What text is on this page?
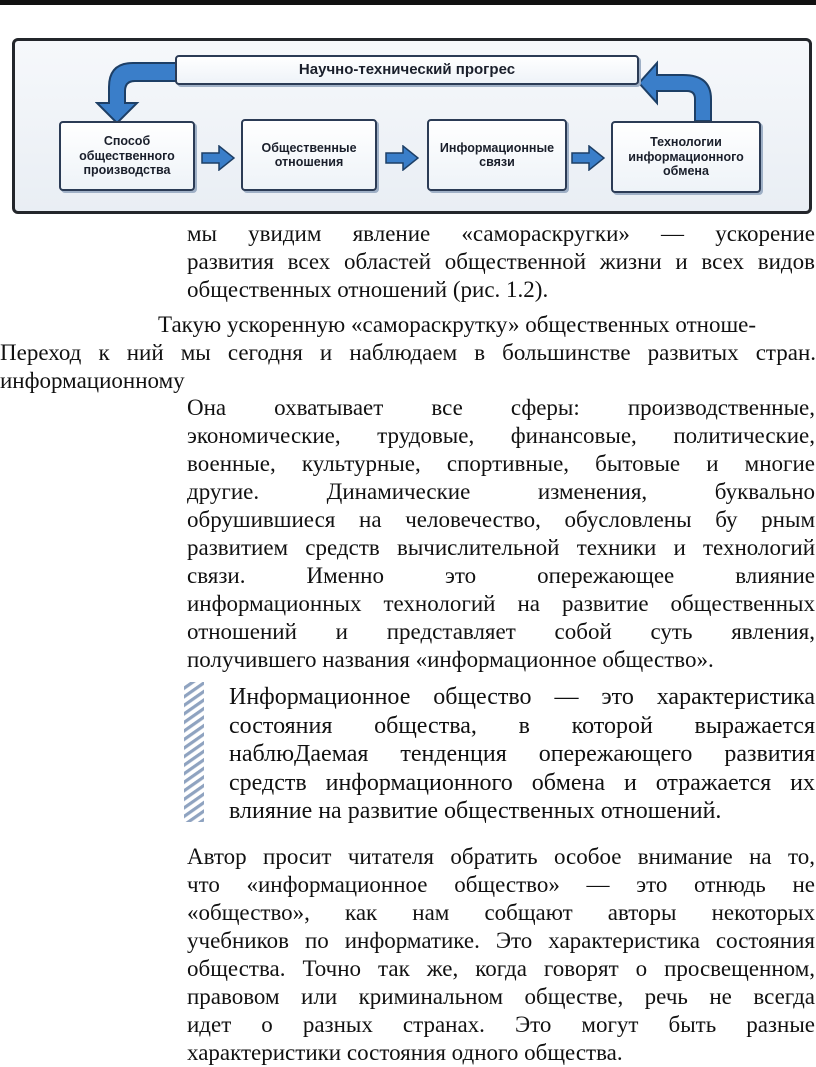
Научно-технический прогрес
Способ
общественного
производства
Общественные
отношения
Информационные
связи
Технологии
информационного
обмена
мы увидим явление «самораскругки» — ускорение
развития всех областей общественной жизни и всех видов
общественных отношений (рис. 1.2).
Такую ускоренную «самораскрутку» общественных отноше-
Переход к ний мы сегодня и наблюдаем в большинстве развитых стран.
информационному
Она охватывает все сферы: производственные,
экономические, трудовые, финансовые, политические,
военные, культурные, спортивные, бытовые и многие
другие. Динамические изменения, буквально
обрушившиеся на человечество, обусловлены бу рным
развитием средств вычислительной техники и технологий
связи. Именно это опережающее влияние
информационных технологий на развитие общественных
отношений и представляет собой суть явления,
получившего названия «информационное общество».
Информационное общество — это характеристика
состояния общества, в которой выражается
наблюДаемая тенденция опережающего развития
средств информационного обмена и отражается их
влияние на развитие общественных отношений.
Автор просит читателя обратить особое внимание на то,
что «информационное общество» — это отнюдь не
«общество», как нам собщают авторы некоторых
учебников по информатике. Это характеристика состояния
общества. Точно так же, когда говорят о просвещенном,
правовом или криминальном обществе, речь не всегда
идет о разных странах. Это могут быть разные
характеристики состояния одного общества.
